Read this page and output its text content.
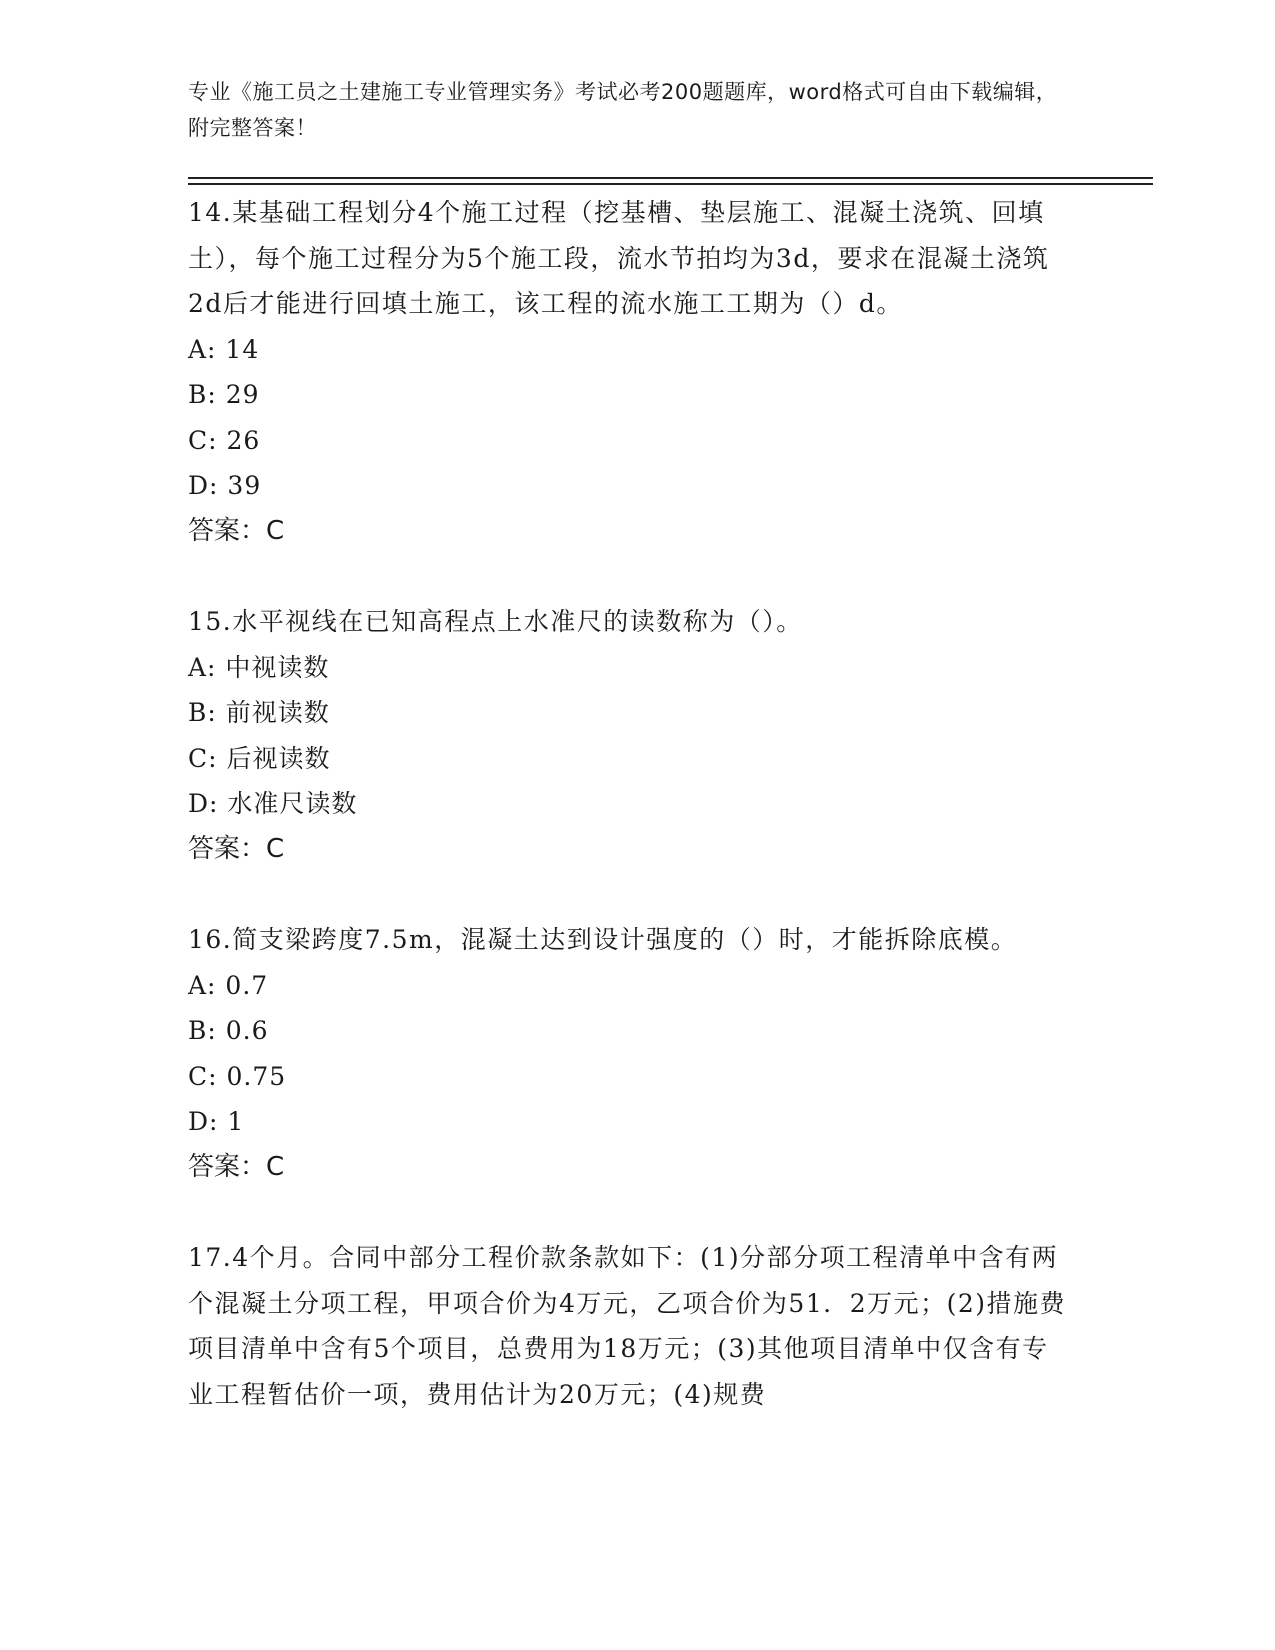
专业《施工员之土建施工专业管理实务》考试必考200题题库，word格式可自由下载编辑，附完整答案！

14.某基础工程划分4个施工过程（挖基槽、垫层施工、混凝土浇筑、回填土），每个施工过程分为5个施工段，流水节拍均为3d，要求在混凝土浇筑2d后才能进行回填土施工，该工程的流水施工工期为（）d。

A: 14

B: 29

C: 26

D: 39

答案：C

15.水平视线在已知高程点上水准尺的读数称为（）。

A: 中视读数

B: 前视读数

C: 后视读数

D: 水准尺读数

答案：C

16.简支梁跨度7.5m，混凝土达到设计强度的（）时，才能拆除底模。

A: 0.7

B: 0.6

C: 0.75

D: 1

答案：C

17.4个月。合同中部分工程价款条款如下：(1)分部分项工程清单中含有两个混凝土分项工程，甲项合价为4万元，乙项合价为51．2万元；(2)措施费项目清单中含有5个项目，总费用为18万元；(3)其他项目清单中仅含有专业工程暂估价一项，费用估计为20万元；(4)规费
